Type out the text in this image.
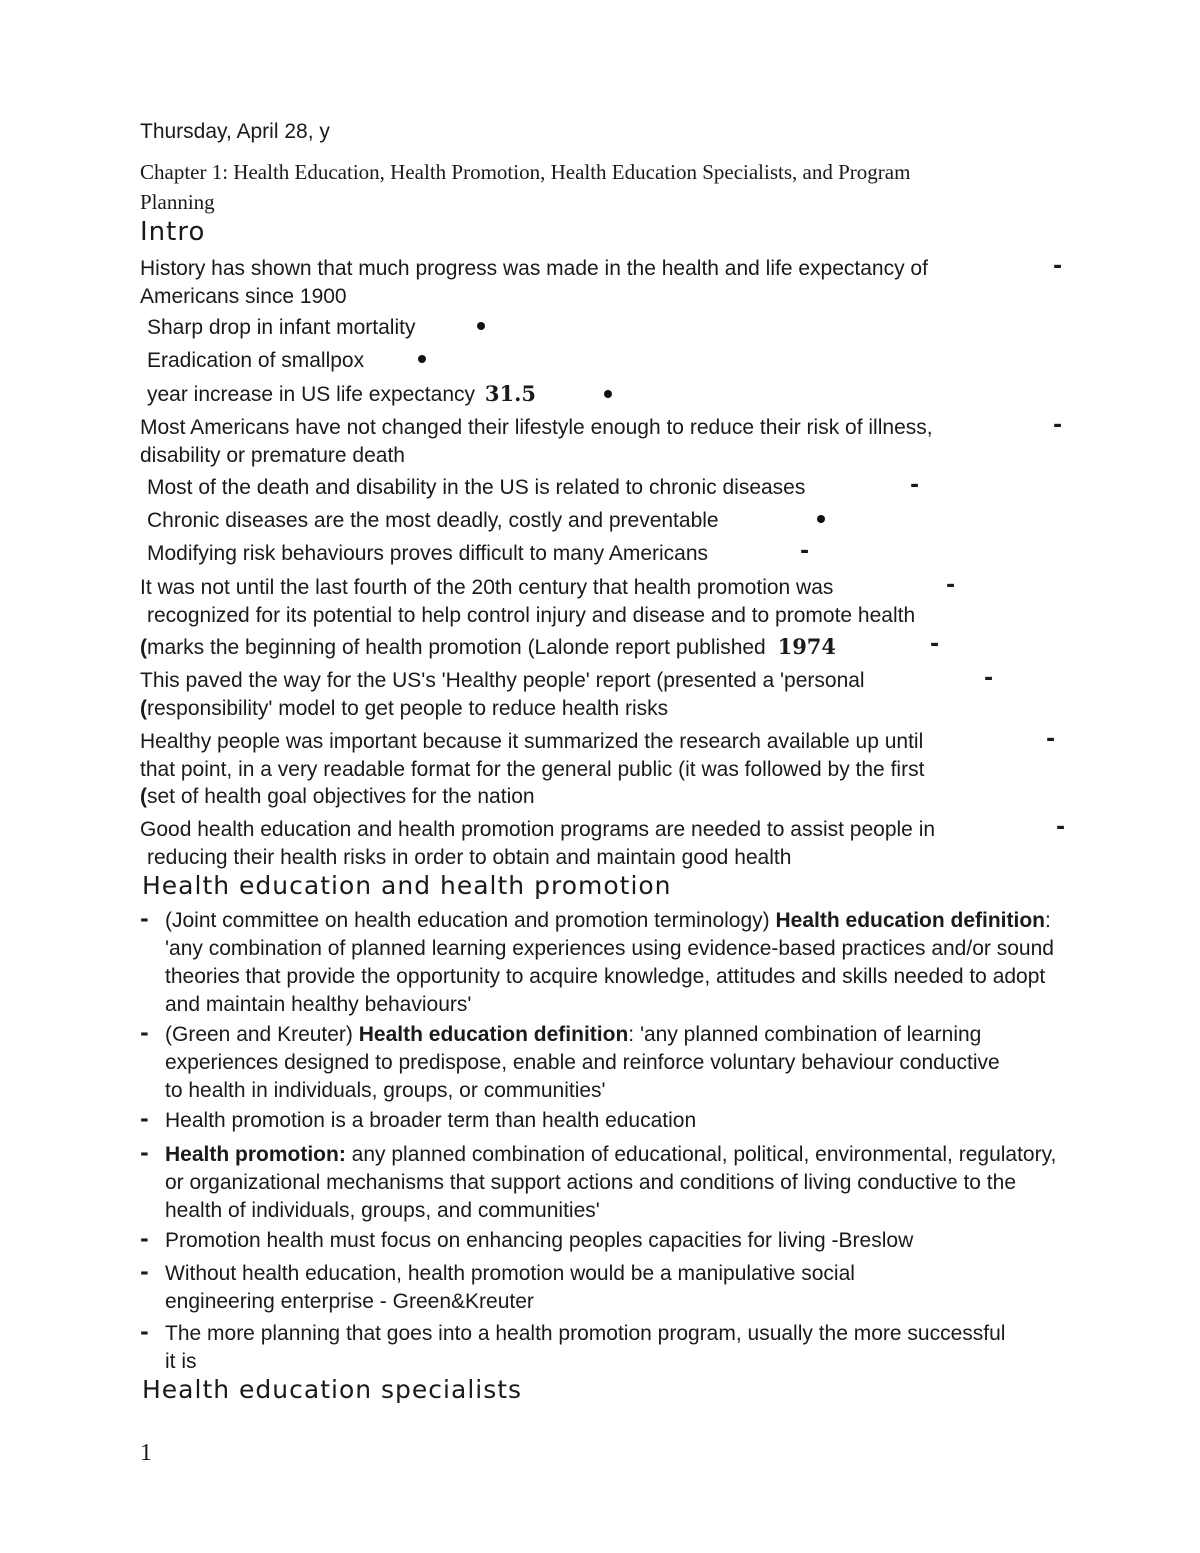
Thursday, April 28, y
Chapter 1: Health Education, Health Promotion, Health Education Specialists, and Program
Planning
Intro
History has shown that much progress was made in the health and life expectancy of
Americans since 1900
-
Sharp drop in infant mortality
Eradication of smallpox
year increase in US life expectancy 31.5
Most Americans have not changed their lifestyle enough to reduce their risk of illness,
disability or premature death
-
Most of the death and disability in the US is related to chronic diseases	-
Chronic diseases are the most deadly, costly and preventable
Modifying risk behaviours proves difficult to many Americans	-
It was not until the last fourth of the 20th century that health promotion was	-
recognized for its potential to help control injury and disease and to promote health
(marks the beginning of health promotion (Lalonde report published 1974	-
This paved the way for the US's 'Healthy people' report (presented a 'personal	-
(responsibility' model to get people to reduce health risks
Healthy people was important because it summarized the research available up until	-
that point, in a very readable format for the general public (it was followed by the first
(set of health goal objectives for the nation
Good health education and health promotion programs are needed to assist people in	-
reducing their health risks in order to obtain and maintain good health
Health education and health promotion
- (Joint committee on health education and promotion terminology) Health education definition: 'any combination of planned learning experiences using evidence-based practices and/or sound theories that provide the opportunity to acquire knowledge, attitudes and skills needed to adopt and maintain healthy behaviours'
- (Green and Kreuter) Health education definition: 'any planned combination of learning experiences designed to predispose, enable and reinforce voluntary behaviour conductive to health in individuals, groups, or communities'
- Health promotion is a broader term than health education
- Health promotion: any planned combination of educational, political, environmental, regulatory, or organizational mechanisms that support actions and conditions of living conductive to the health of individuals, groups, and communities'
- Promotion health must focus on enhancing peoples capacities for living -Breslow
- Without health education, health promotion would be a manipulative social engineering enterprise - Green&Kreuter
- The more planning that goes into a health promotion program, usually the more successful it is
Health education specialists
1
